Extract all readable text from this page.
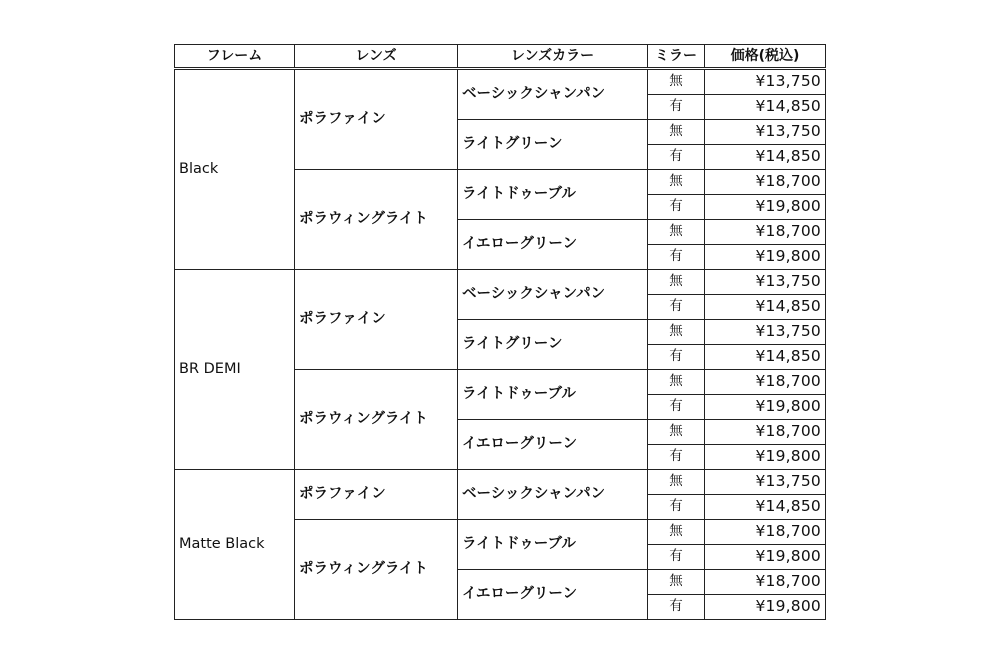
フレーム	レンズ	レンズカラー	ミラー	価格(税込)
Black	ポラファイン	ベーシックシャンパン	無	¥13,750
			有	¥14,850
		ライトグリーン	無	¥13,750
			有	¥14,850
	ポラウィングライト	ライトドゥーブル	無	¥18,700
			有	¥19,800
		イエローグリーン	無	¥18,700
			有	¥19,800
BR DEMI	ポラファイン	ベーシックシャンパン	無	¥13,750
			有	¥14,850
		ライトグリーン	無	¥13,750
			有	¥14,850
	ポラウィングライト	ライトドゥーブル	無	¥18,700
			有	¥19,800
		イエローグリーン	無	¥18,700
			有	¥19,800
Matte Black	ポラファイン	ベーシックシャンパン	無	¥13,750
			有	¥14,850
	ポラウィングライト	ライトドゥーブル	無	¥18,700
			有	¥19,800
		イエローグリーン	無	¥18,700
			有	¥19,800
